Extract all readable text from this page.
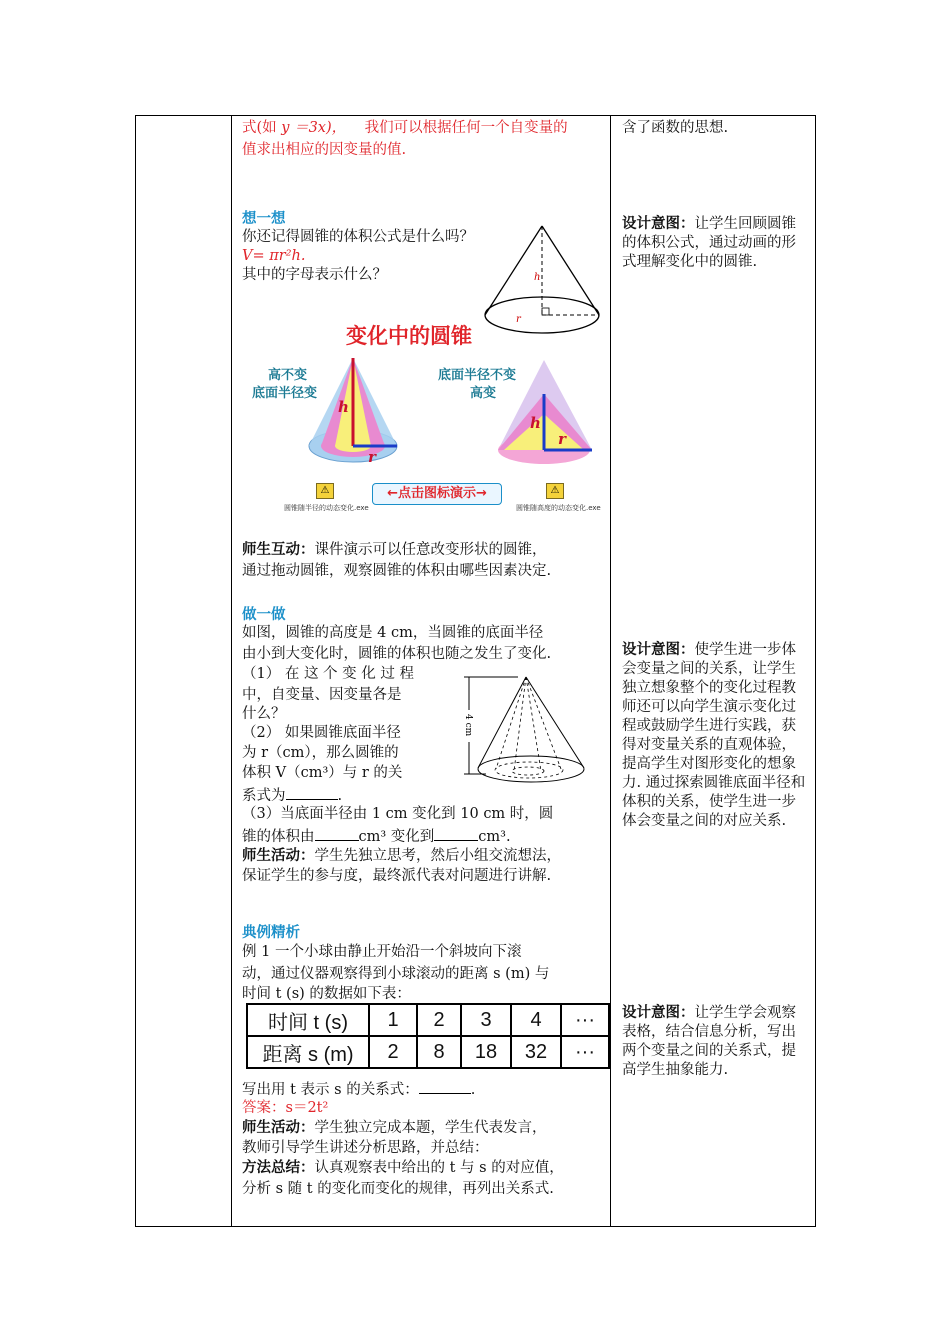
式(如 y ＝3x)， 我们可以根据任何一个自变量的
值求出相应的因变量的值.
想一想
你还记得圆锥的体积公式是什么吗？
V= πr²h.
其中的字母表示什么？	h
r
变化中的圆锥
高不变
底面半径变
底面半径不变
高变
h
r
h
r
⚠	⚠
←点击图标演示→
圆锥随半径的动态变化.exe	圆锥随高度的动态变化.exe
师生互动：课件演示可以任意改变形状的圆锥，
通过拖动圆锥，观察圆锥的体积由哪些因素决定.
做一做
如图，圆锥的高度是 4 cm，当圆锥的底面半径
由小到大变化时，圆锥的体积也随之发生了变化.
（1） 在 这 个 变 化 过 程
中，自变量、因变量各是
什么？
（2） 如果圆锥底面半径
为 r（cm），那么圆锥的
体积 V（cm³）与 r 的关
系式为	.
4 cm
（3）当底面半径由 1 cm 变化到 10 cm 时，圆
锥的体积由	cm³ 变化到	cm³.
师生活动：学生先独立思考，然后小组交流想法，
保证学生的参与度，最终派代表对问题进行讲解.
典例精析
例 1 一个小球由静止开始沿一个斜坡向下滚
动，通过仪器观察得到小球滚动的距离 s (m) 与
时间 t (s) 的数据如下表：
时间 t (s)	1	2	3	4	···
距离 s (m)	2	8	18	32	···
写出用 t 表示 s 的关系式：	.
答案：s＝2t²
师生活动：学生独立完成本题，学生代表发言，
教师引导学生讲述分析思路，并总结：
方法总结：认真观察表中给出的 t 与 s 的对应值，
分析 s 随 t 的变化而变化的规律，再列出关系式.
含了函数的思想.
设计意图：让学生回顾圆锥的体积公式，通过动画的形式理解变化中的圆锥.
设计意图：使学生进一步体会变量之间的关系，让学生独立想象整个的变化过程教师还可以向学生演示变化过程或鼓励学生进行实践，获得对变量关系的直观体验，提高学生对图形变化的想象力. 通过探索圆锥底面半径和体积的关系，使学生进一步体会变量之间的对应关系.
设计意图：让学生学会观察表格，结合信息分析，写出两个变量之间的关系式，提高学生抽象能力.
